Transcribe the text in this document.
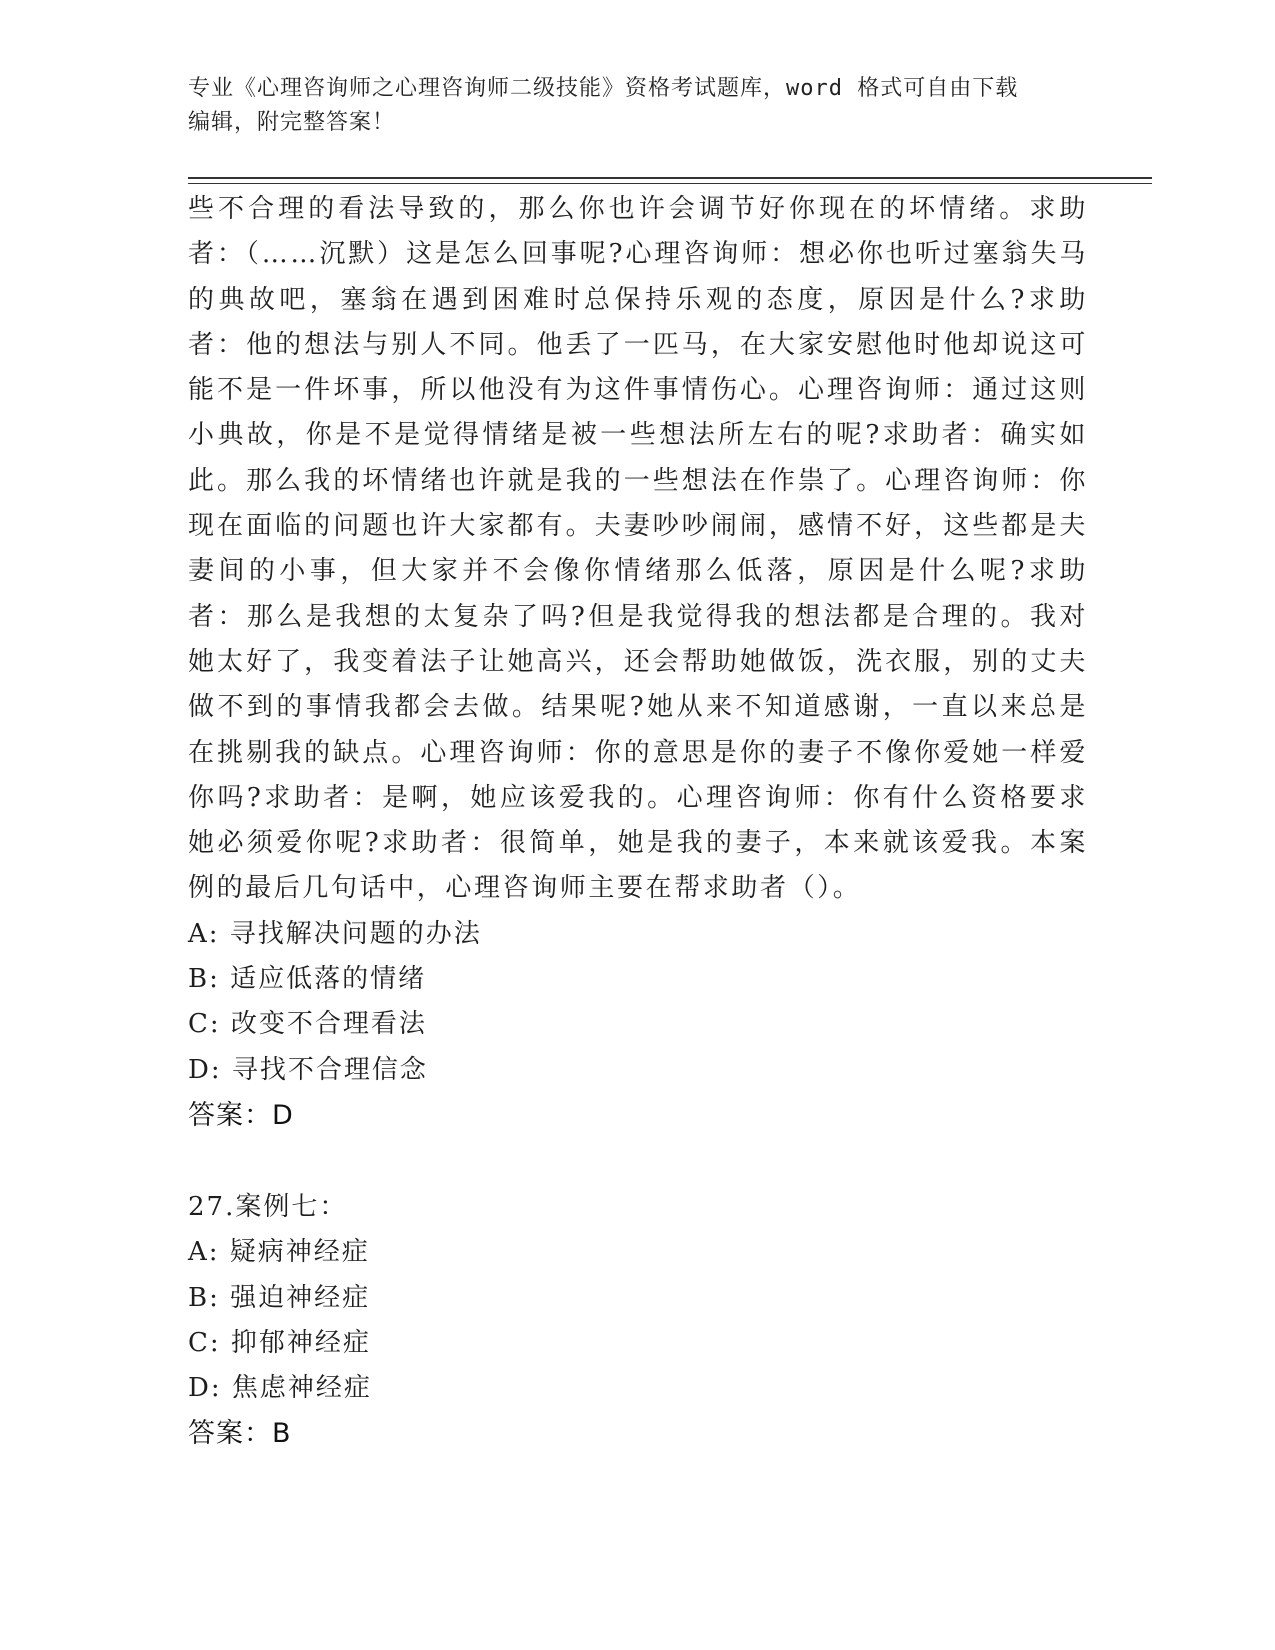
专业《心理咨询师之心理咨询师二级技能》资格考试题库，word 格式可自由下载
编辑，附完整答案！

些不合理的看法导致的，那么你也许会调节好你现在的坏情绪。求助者：（……沉默）这是怎么回事呢?心理咨询师：想必你也听过塞翁失马的典故吧，塞翁在遇到困难时总保持乐观的态度，原因是什么?求助者：他的想法与别人不同。他丢了一匹马，在大家安慰他时他却说这可能不是一件坏事，所以他没有为这件事情伤心。心理咨询师：通过这则小典故，你是不是觉得情绪是被一些想法所左右的呢?求助者：确实如此。那么我的坏情绪也许就是我的一些想法在作祟了。心理咨询师：你现在面临的问题也许大家都有。夫妻吵吵闹闹，感情不好，这些都是夫妻间的小事，但大家并不会像你情绪那么低落，原因是什么呢?求助者：那么是我想的太复杂了吗?但是我觉得我的想法都是合理的。我对她太好了，我变着法子让她高兴，还会帮助她做饭，洗衣服，别的丈夫做不到的事情我都会去做。结果呢?她从来不知道感谢，一直以来总是在挑剔我的缺点。心理咨询师：你的意思是你的妻子不像你爱她一样爱你吗?求助者：是啊，她应该爱我的。心理咨询师：你有什么资格要求她必须爱你呢?求助者：很简单，她是我的妻子，本来就该爱我。本案例的最后几句话中，心理咨询师主要在帮求助者（）。

A: 寻找解决问题的办法

B: 适应低落的情绪

C: 改变不合理看法

D: 寻找不合理信念

答案：D

27.案例七：

A: 疑病神经症

B: 强迫神经症

C: 抑郁神经症

D: 焦虑神经症

答案：B
